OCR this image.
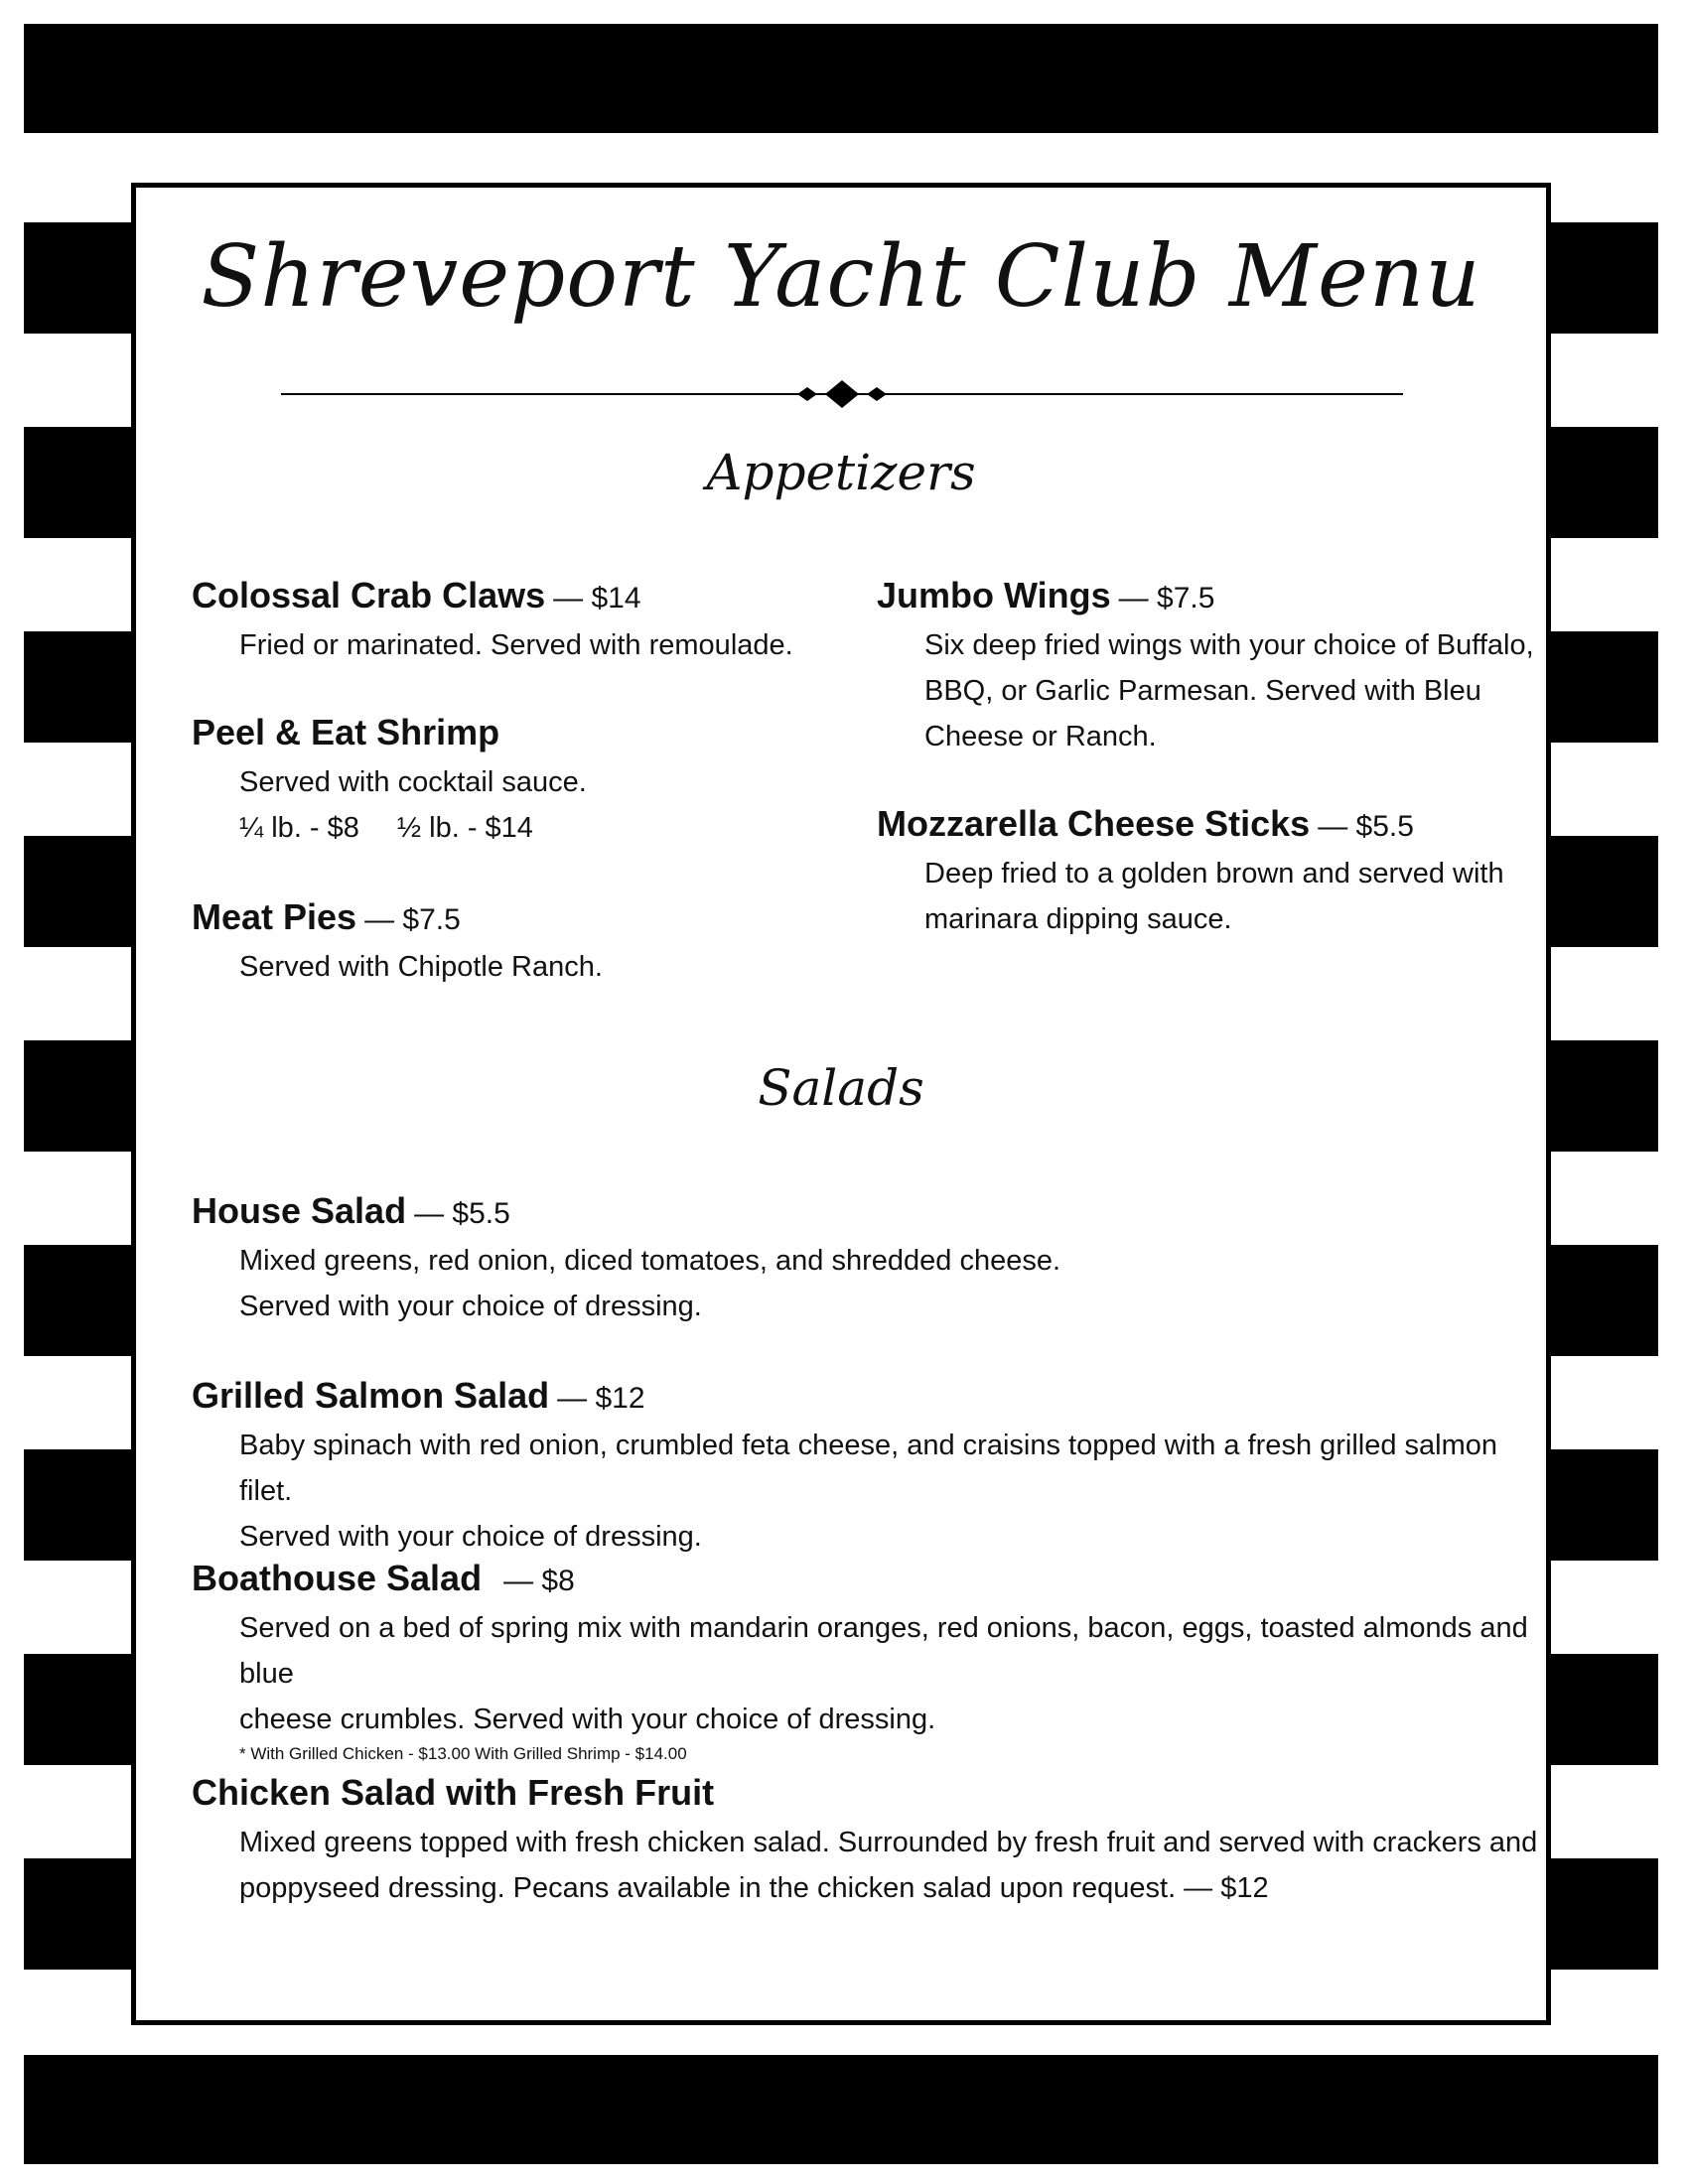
Shreveport Yacht Club Menu
Appetizers
Colossal Crab Claws — $14
Fried or marinated. Served with remoulade.
Peel & Eat Shrimp
Served with cocktail sauce.
¼ lb. - $8 ½ lb. - $14
Meat Pies — $7.5
Served with Chipotle Ranch.
Jumbo Wings — $7.5
Six deep fried wings with your choice of Buffalo,
BBQ, or Garlic Parmesan. Served with Bleu
Cheese or Ranch.
Mozzarella Cheese Sticks — $5.5
Deep fried to a golden brown and served with
marinara dipping sauce.
Salads
House Salad — $5.5
Mixed greens, red onion, diced tomatoes, and shredded cheese.
Served with your choice of dressing.
Grilled Salmon Salad — $12
Baby spinach with red onion, crumbled feta cheese, and craisins topped with a fresh grilled salmon filet.
Served with your choice of dressing.
Boathouse Salad — $8
Served on a bed of spring mix with mandarin oranges, red onions, bacon, eggs, toasted almonds and blue
cheese crumbles. Served with your choice of dressing.
* With Grilled Chicken - $13.00 With Grilled Shrimp - $14.00
Chicken Salad with Fresh Fruit
Mixed greens topped with fresh chicken salad. Surrounded by fresh fruit and served with crackers and
poppyseed dressing. Pecans available in the chicken salad upon request. — $12
